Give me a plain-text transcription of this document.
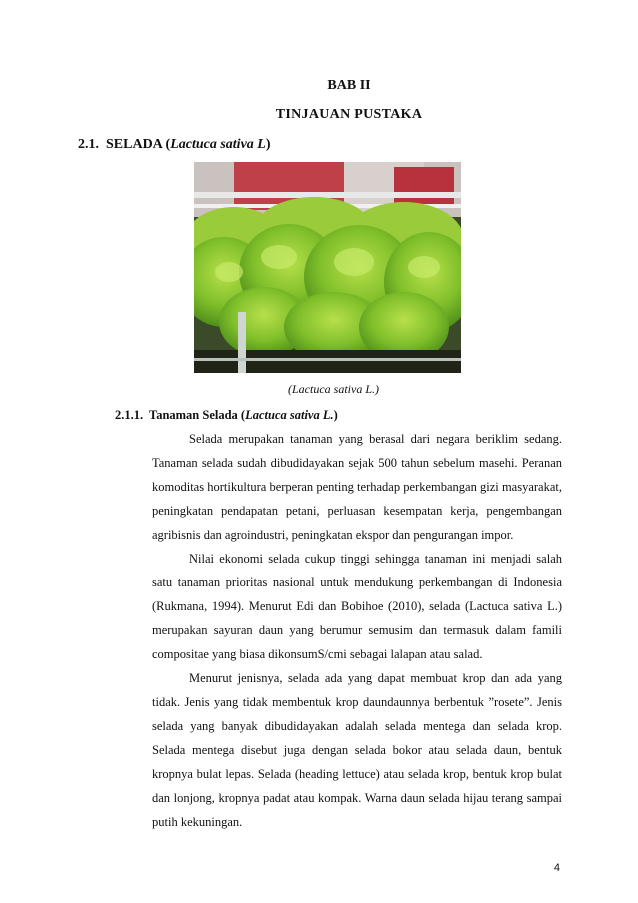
BAB II
TINJAUAN PUSTAKA
2.1. SELADA (Lactuca sativa L)
(Lactuca sativa L.)
2.1.1. Tanaman Selada (Lactuca sativa L.)

Selada merupakan tanaman yang berasal dari negara beriklim sedang. Tanaman selada sudah dibudidayakan sejak 500 tahun sebelum masehi. Peranan komoditas hortikultura berperan penting terhadap perkembangan gizi masyarakat, peningkatan pendapatan petani, perluasan kesempatan kerja, pengembangan agribisnis dan agroindustri, peningkatan ekspor dan pengurangan impor.

Nilai ekonomi selada cukup tinggi sehingga tanaman ini menjadi salah satu tanaman prioritas nasional untuk mendukung perkembangan di Indonesia (Rukmana, 1994). Menurut Edi dan Bobihoe (2010), selada (Lactuca sativa L.) merupakan sayuran daun yang berumur semusim dan termasuk dalam famili compositae yang biasa dikonsumS/cmi sebagai lalapan atau salad.

Menurut jenisnya, selada ada yang dapat membuat krop dan ada yang tidak. Jenis yang tidak membentuk krop daundaunnya berbentuk ”rosete”. Jenis selada yang banyak dibudidayakan adalah selada mentega dan selada krop. Selada mentega disebut juga dengan selada bokor atau selada daun, bentuk kropnya bulat lepas. Selada (heading lettuce) atau selada krop, bentuk krop bulat dan lonjong, kropnya padat atau kompak. Warna daun selada hijau terang sampai putih kekuningan.

4
